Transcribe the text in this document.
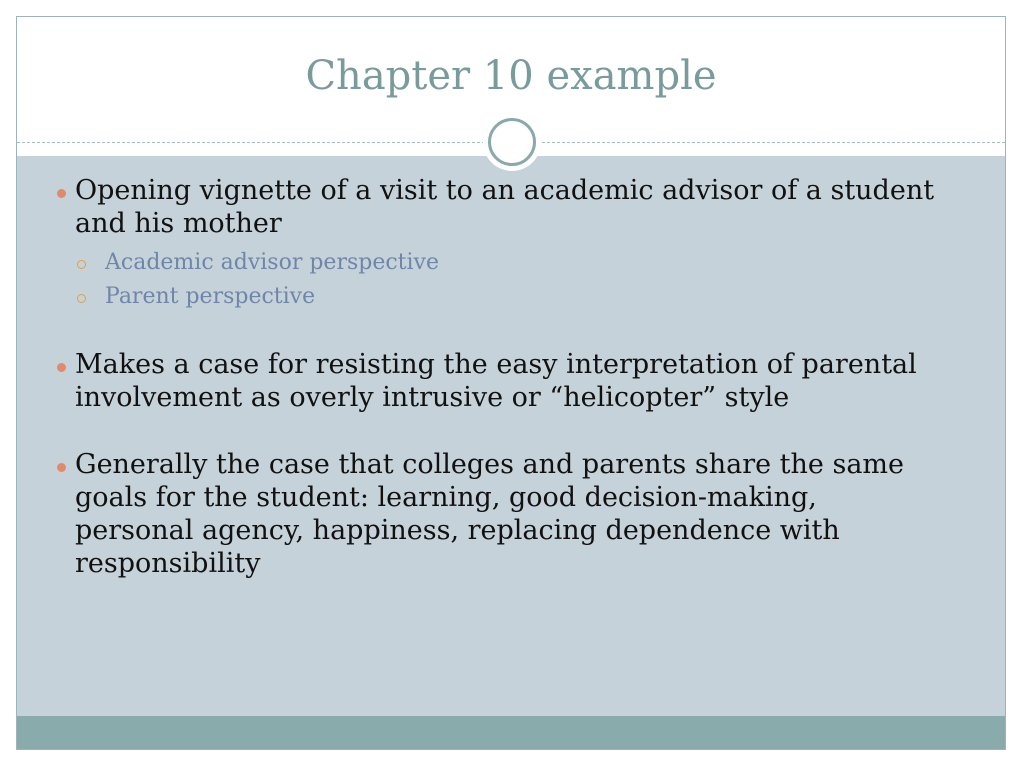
Chapter 10 example
Opening vignette of a visit to an academic advisor of a student and his mother
Academic advisor perspective
Parent perspective
Makes a case for resisting the easy interpretation of parental involvement as overly intrusive or “helicopter” style
Generally the case that colleges and parents share the same goals for the student: learning, good decision-making, personal agency, happiness, replacing dependence with responsibility
